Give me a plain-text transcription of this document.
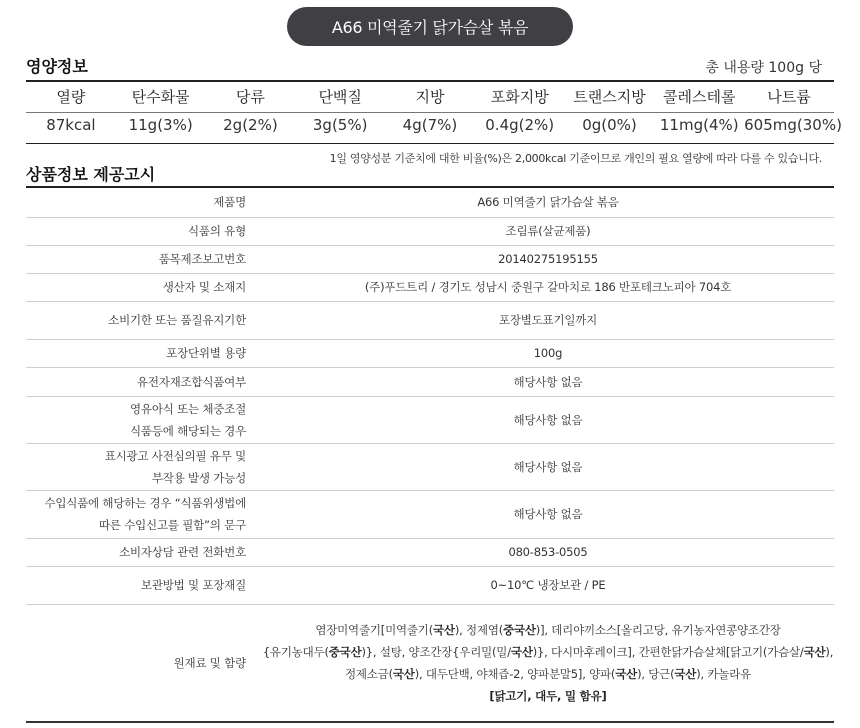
A66 미역줄기 닭가슴살 볶음
영양정보	총 내용량 100g 당
열량	탄수화물	당류	단백질	지방	포화지방	트랜스지방	콜레스테롤	나트륨
87kcal	11g(3%)	2g(2%)	3g(5%)	4g(7%)	0.4g(2%)	0g(0%)	11mg(4%) 605mg(30%)
1일 영양성분 기준치에 대한 비율(%)은 2,000kcal 기준이므로 개인의 필요 열량에 따라 다를 수 있습니다.
상품정보 제공고시
제품명	A66 미역줄기 닭가슴살 볶음

식품의 유형	조림류(살균제품)

품목제조보고번호	20140275195155

생산자 및 소재지	(주)푸드트리 / 경기도 성남시 중원구 갈마치로 186 반포테크노피아 704호

소비기한 또는 품질유지기한	포장별도표기일까지

포장단위별 용량	100g

유전자재조합식품여부	해당사항 없음

영유아식 또는 체중조절
식품등에 해당되는 경우	해당사항 없음

표시광고 사전심의필 유무 및
부작용 발생 가능성	해당사항 없음

수입식품에 해당하는 경우 “식품위생법에
따른 수입신고를 필함”의 문구	해당사항 없음

소비자상담 관련 전화번호	080-853-0505

보관방법 및 포장재질	0~10℃ 냉장보관 / PE

원재료 및 함량	염장미역줄기[미역줄기(국산), 정제염(중국산)], 데리야끼소스[올리고당, 유기농자연콩양조간장
{유기농대두(중국산)}, 설탕, 양조간장{우리밀(밀/국산)}, 다시마후레이크], 간편한닭가슴살채[닭고기(가슴살/국산),
정제소금(국산), 대두단백, 야채즙-2, 양파분말5], 양파(국산), 당근(국산), 카놀라유
[닭고기, 대두, 밀 함유]
